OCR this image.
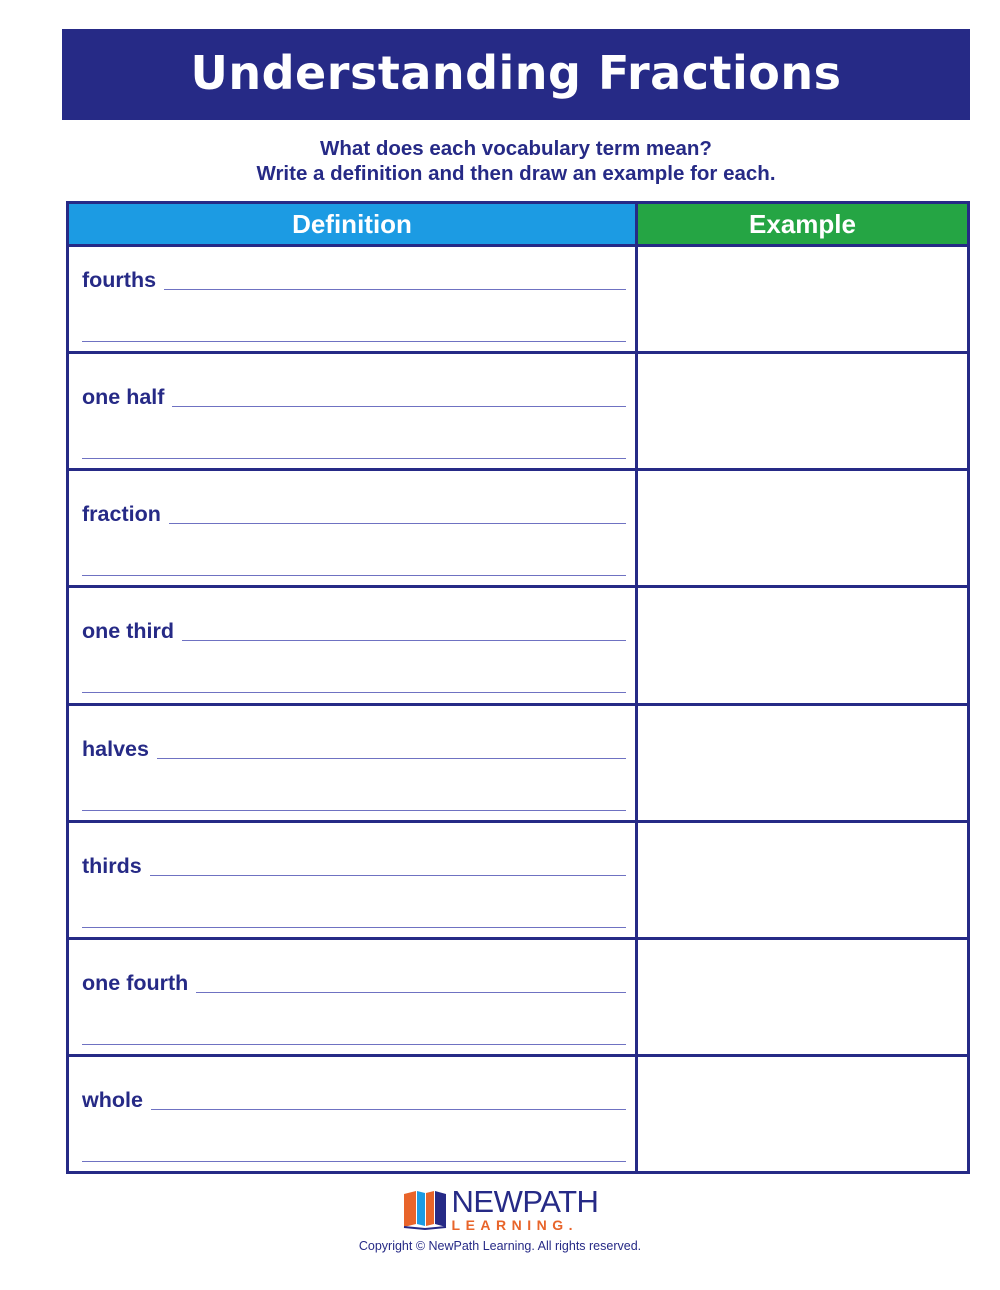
Understanding Fractions
What does each vocabulary term mean?
Write a definition and then draw an example for each.
Definition	Example
fourths
one half
fraction
one third
halves
thirds
one fourth
whole
NEWPATH
LEARNING.
Copyright © NewPath Learning. All rights reserved.
